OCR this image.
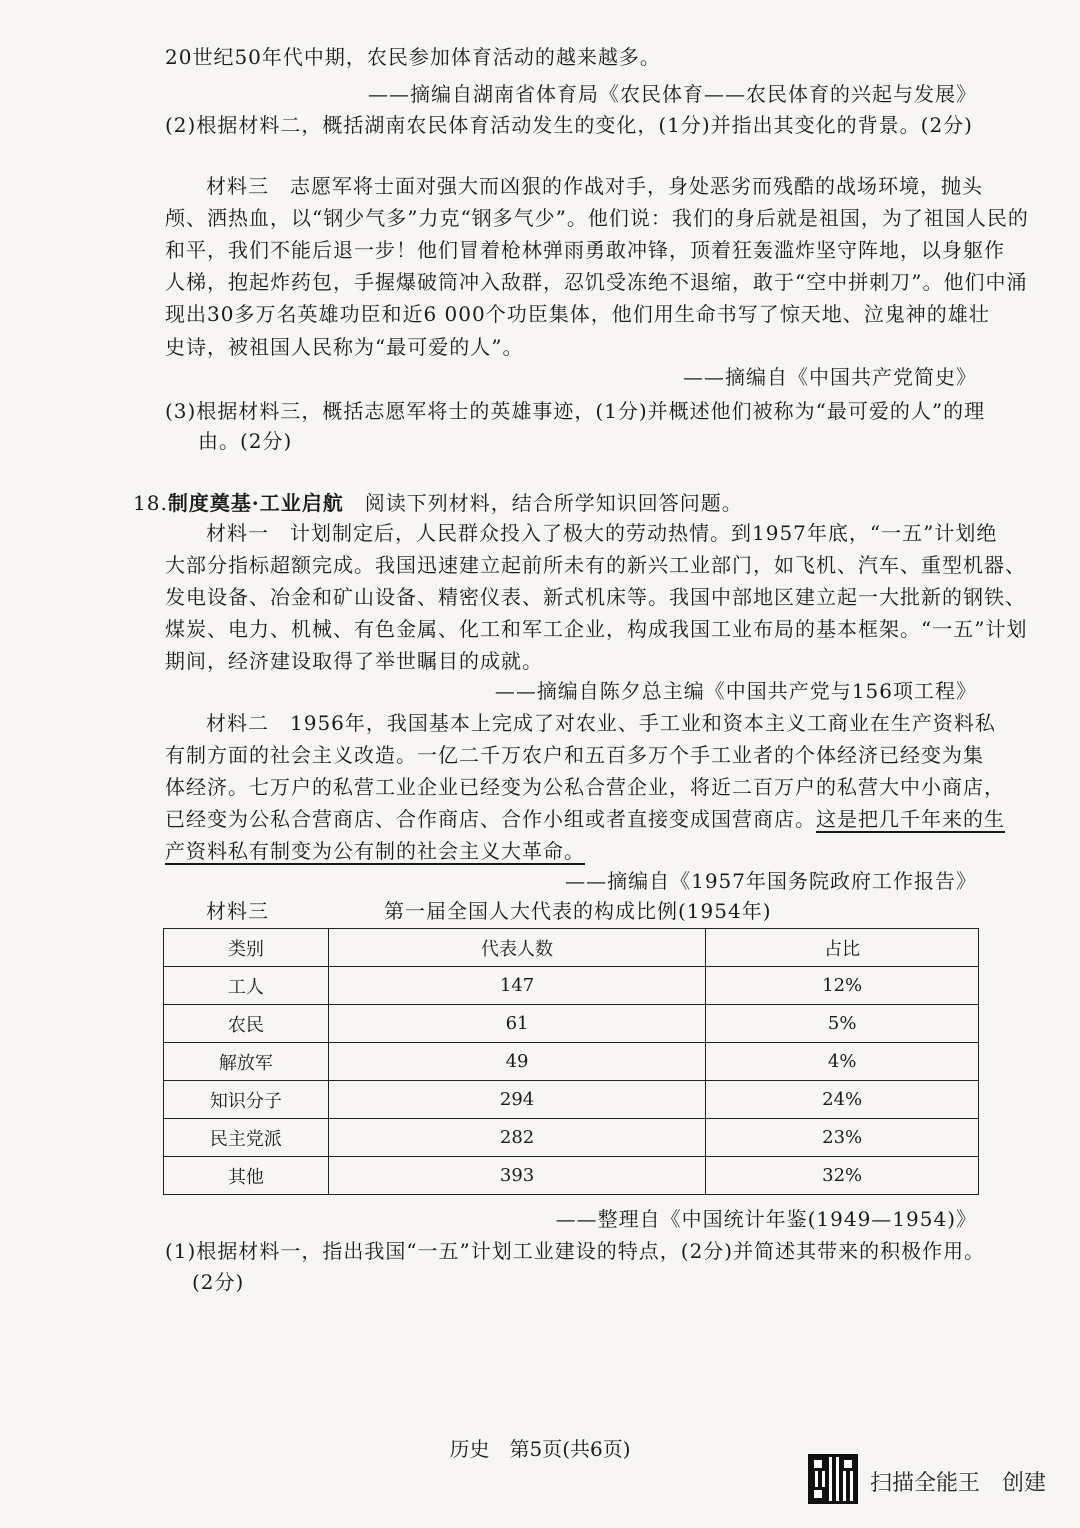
20世纪50年代中期，农民参加体育活动的越来越多。
——摘编自湖南省体育局《农民体育——农民体育的兴起与发展》
(2)根据材料二，概括湖南农民体育活动发生的变化，(1分)并指出其变化的背景。(2分)
材料三　志愿军将士面对强大而凶狠的作战对手，身处恶劣而残酷的战场环境，抛头
颅、洒热血，以“钢少气多”力克“钢多气少”。他们说：我们的身后就是祖国，为了祖国人民的
和平，我们不能后退一步！他们冒着枪林弹雨勇敢冲锋，顶着狂轰滥炸坚守阵地，以身躯作
人梯，抱起炸药包，手握爆破筒冲入敌群，忍饥受冻绝不退缩，敢于“空中拼刺刀”。他们中涌
现出30多万名英雄功臣和近6 000个功臣集体，他们用生命书写了惊天地、泣鬼神的雄壮
史诗，被祖国人民称为“最可爱的人”。
——摘编自《中国共产党简史》
(3)根据材料三，概括志愿军将士的英雄事迹，(1分)并概述他们被称为“最可爱的人”的理
由。(2分)
18.制度奠基·工业启航　 阅读下列材料，结合所学知识回答问题。
材料一　计划制定后，人民群众投入了极大的劳动热情。到1957年底，“一五”计划绝
大部分指标超额完成。我国迅速建立起前所未有的新兴工业部门，如飞机、汽车、重型机器、
发电设备、冶金和矿山设备、精密仪表、新式机床等。我国中部地区建立起一大批新的钢铁、
煤炭、电力、机械、有色金属、化工和军工企业，构成我国工业布局的基本框架。“一五”计划
期间，经济建设取得了举世瞩目的成就。
——摘编自陈夕总主编《中国共产党与156项工程》
材料二　1956年，我国基本上完成了对农业、手工业和资本主义工商业在生产资料私
有制方面的社会主义改造。一亿二千万农户和五百多万个手工业者的个体经济已经变为集
体经济。七万户的私营工业企业已经变为公私合营企业，将近二百万户的私营大中小商店，
已经变为公私合营商店、合作商店、合作小组或者直接变成国营商店。这是把几千年来的生
产资料私有制变为公有制的社会主义大革命。
——摘编自《1957年国务院政府工作报告》
材料三	第一届全国人大代表的构成比例(1954年)
类别	代表人数	占比
工人	147	12%
农民	61	5%
解放军	49	4%
知识分子	294	24%
民主党派	282	23%
其他	393	32%
——整理自《中国统计年鉴(1949—1954)》
(1)根据材料一，指出我国“一五”计划工业建设的特点，(2分)并简述其带来的积极作用。
(2分)
历史　第5页(共6页)
扫描全能王　创建
